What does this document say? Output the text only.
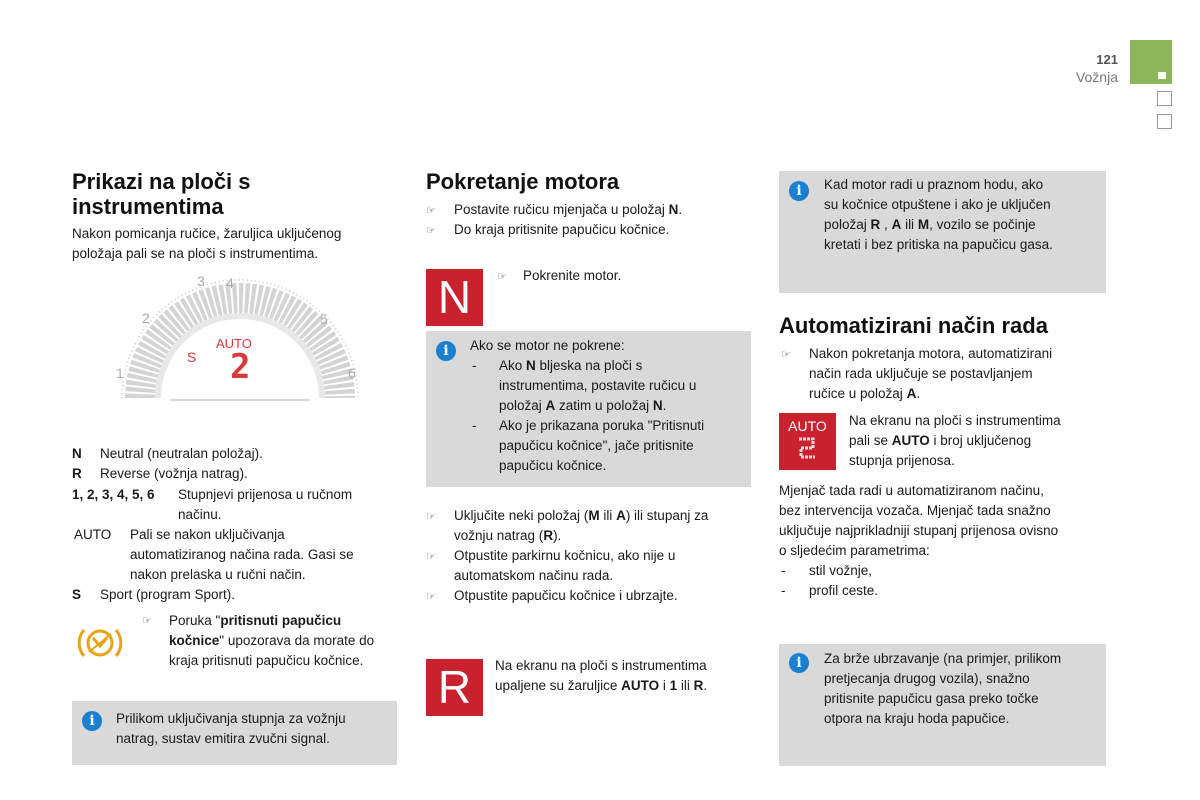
121
Vožnja
Prikazi na ploči s instrumentima

Nakon pomicanja ručice, žaruljica uključenog položaja pali se na ploči s instrumentima.

1
2
3 4
5
6
AUTO
S 2
N Neutral (neutralan položaj).
R Reverse (vožnja natrag).
1, 2, 3, 4, 5, 6 Stupnjevi prijenosa u ručnom
načinu.
AUTO Pali se nakon uključivanja
automatiziranog načina rada. Gasi se
nakon prelaska u ručni način.
S Sport (program Sport).
☞ Poruka "pritisnuti papučicu kočnice" upozorava da morate do kraja pritisnuti papučicu kočnice.
i	Prilikom uključivanja stupnja za vožnju natrag, sustav emitira zvučni signal.
Pokretanje motora
☞ Postavite ručicu mjenjača u položaj N.
☞ Do kraja pritisnite papučicu kočnice.
N	☞ Pokrenite motor.
i	Ako se motor ne pokrene:
- Ako N bljeska na ploči s
instrumentima, postavite ručicu u
položaj A zatim u položaj N.
- Ako je prikazana poruka "Pritisnuti
papučicu kočnice", jače pritisnite
papučicu kočnice.
☞ Uključite neki položaj (M ili A) ili stupanj za
vožnju natrag (R).
☞ Otpustite parkirnu kočnicu, ako nije u
automatskom načinu rada.
☞ Otpustite papučicu kočnice i ubrzajte.
R	Na ekranu na ploči s instrumentima
upaljene su žaruljice AUTO i 1 ili R.
i	Kad motor radi u praznom hodu, ako
su kočnice otpuštene i ako je uključen
položaj R , A ili M, vozilo se počinje
kretati i bez pritiska na papučicu gasa.
Automatizirani način rada
☞ Nakon pokretanja motora, automatizirani
način rada uključuje se postavljanjem
ručice u položaj A.
AUTO	Na ekranu na ploči s instrumentima
pali se AUTO i broj uključenog
stupnja prijenosa.
Mjenjač tada radi u automatiziranom načinu,
bez intervencija vozača. Mjenjač tada snažno
uključuje najprikladniji stupanj prijenosa ovisno
o sljedećim parametrima:
- stil vožnje,
- profil ceste.
i	Za brže ubrzavanje (na primjer, prilikom
pretjecanja drugog vozila), snažno
pritisnite papučicu gasa preko točke
otpora na kraju hoda papučice.
